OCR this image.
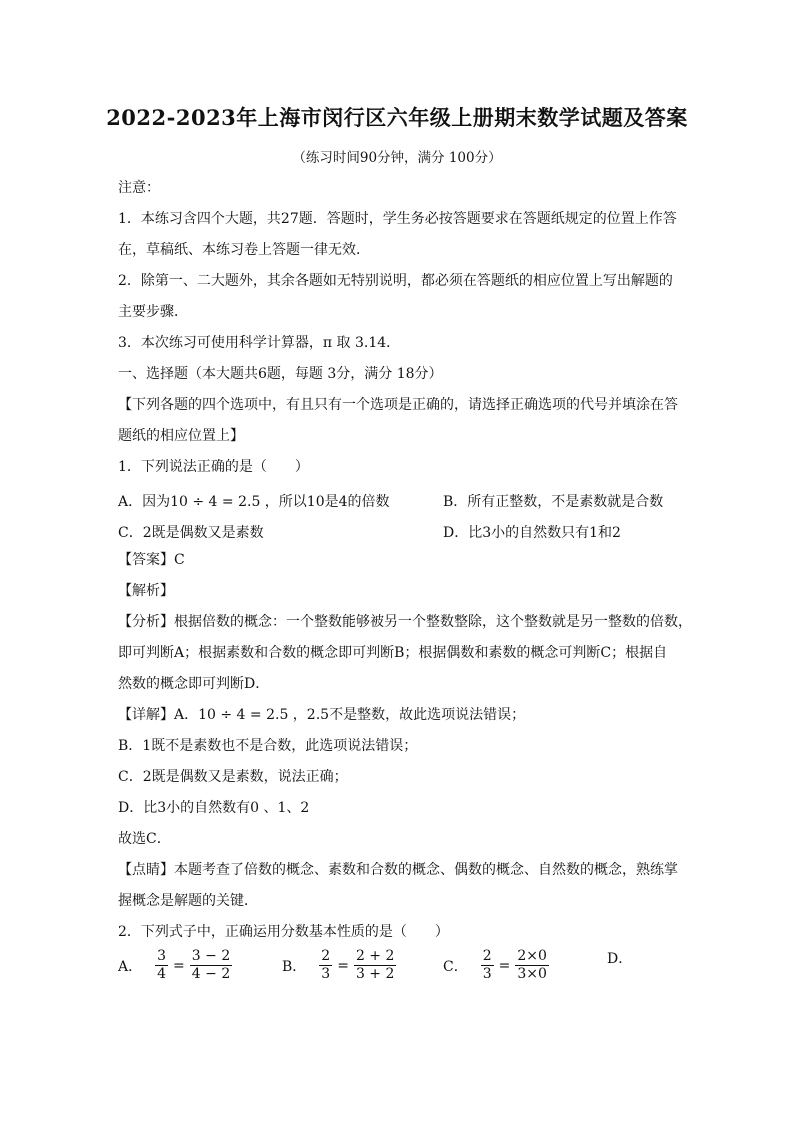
2022-2023年上海市闵行区六年级上册期末数学试题及答案
（练习时间90分钟，满分 100分）
注意：
1．本练习含四个大题，共27题．答题时，学生务必按答题要求在答题纸规定的位置上作答
在，草稿纸、本练习卷上答题一律无效．
2．除第一、二大题外，其余各题如无特别说明，都必须在答题纸的相应位置上写出解题的
主要步骤．
3．本次练习可使用科学计算器，π 取 3.14．
一、选择题（本大题共6题，每题 3分，满分 18分）
【下列各题的四个选项中，有且只有一个选项是正确的，请选择正确选项的代号并填涂在答
题纸的相应位置上】
1．下列说法正确的是（　　）
A．因为10 ÷ 4 = 2.5 ，所以10是4的倍数	B．所有正整数，不是素数就是合数
C．2既是偶数又是素数	D．比3小的自然数只有1和2
【答案】C
【解析】
【分析】根据倍数的概念：一个整数能够被另一个整数整除，这个整数就是另一整数的倍数，
即可判断A；根据素数和合数的概念即可判断B；根据偶数和素数的概念可判断C；根据自
然数的概念即可判断D．
【详解】A．10 ÷ 4 = 2.5 ，2.5不是整数，故此选项说法错误；
B．1既不是素数也不是合数，此选项说法错误；
C．2既是偶数又是素数，说法正确；
D．比3小的自然数有0 、1、2
故选C．
【点睛】本题考查了倍数的概念、素数和合数的概念、偶数的概念、自然数的概念，熟练掌
握概念是解题的关键．
2．下列式子中，正确运用分数基本性质的是（　　）
A． $\frac{3}{4} = \frac{3 - 2}{4 - 2}$	B． $\frac{2}{3} = \frac{2 + 2}{3 + 2}$	C． $\frac{2}{3} = \frac{2\times 0}{3\times 0}$	D．
